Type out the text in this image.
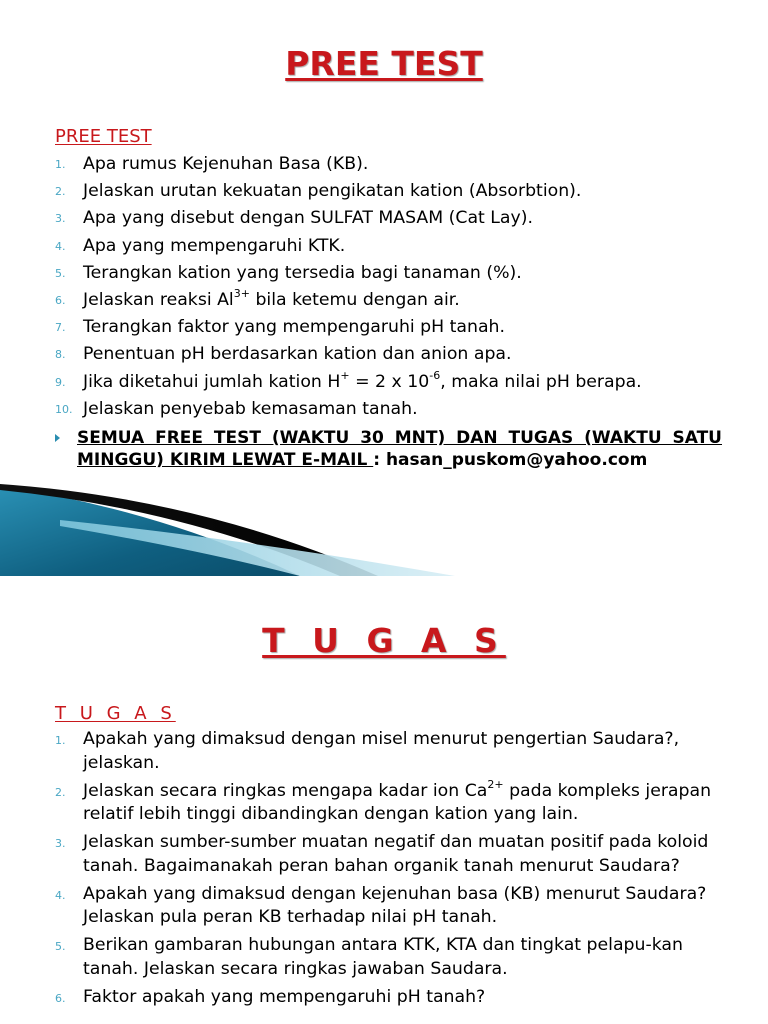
PREE TEST
PREE TEST
1. Apa rumus Kejenuhan Basa (KB).
2. Jelaskan urutan kekuatan pengikatan kation (Absorbtion).
3. Apa yang disebut dengan SULFAT MASAM (Cat Lay).
4. Apa yang mempengaruhi KTK.
5. Terangkan kation yang tersedia bagi tanaman (%).
6. Jelaskan reaksi $Al^{3+}$ bila ketemu dengan air.
7. Terangkan faktor yang mempengaruhi pH tanah.
8. Penentuan pH berdasarkan kation dan anion apa.
9. Jika diketahui jumlah kation H+ = 2 x $10^{-6}$, maka nilai pH berapa.
10. Jelaskan penyebab kemasaman tanah.
SEMUA FREE TEST (WAKTU 30 MNT) DAN TUGAS (WAKTU SATU MINGGU) KIRIM LEWAT E-MAIL : hasan_puskom@yahoo.com
T U G A S
T U G A S
1. Apakah yang dimaksud dengan misel menurut pengertian Saudara?, jelaskan.
2. Jelaskan secara ringkas mengapa kadar ion $Ca^{2+}$ pada kompleks jerapan relatif lebih tinggi dibandingkan dengan kation yang lain.
3. Jelaskan sumber-sumber muatan negatif dan muatan positif pada koloid tanah. Bagaimanakah peran bahan organik tanah menurut Saudara?
4. Apakah yang dimaksud dengan kejenuhan basa (KB) menurut Saudara? Jelaskan pula peran KB terhadap nilai pH tanah.
5. Berikan gambaran hubungan antara KTK, KTA dan tingkat pelapu-kan tanah. Jelaskan secara ringkas jawaban Saudara.
6. Faktor apakah yang mempengaruhi pH tanah?
